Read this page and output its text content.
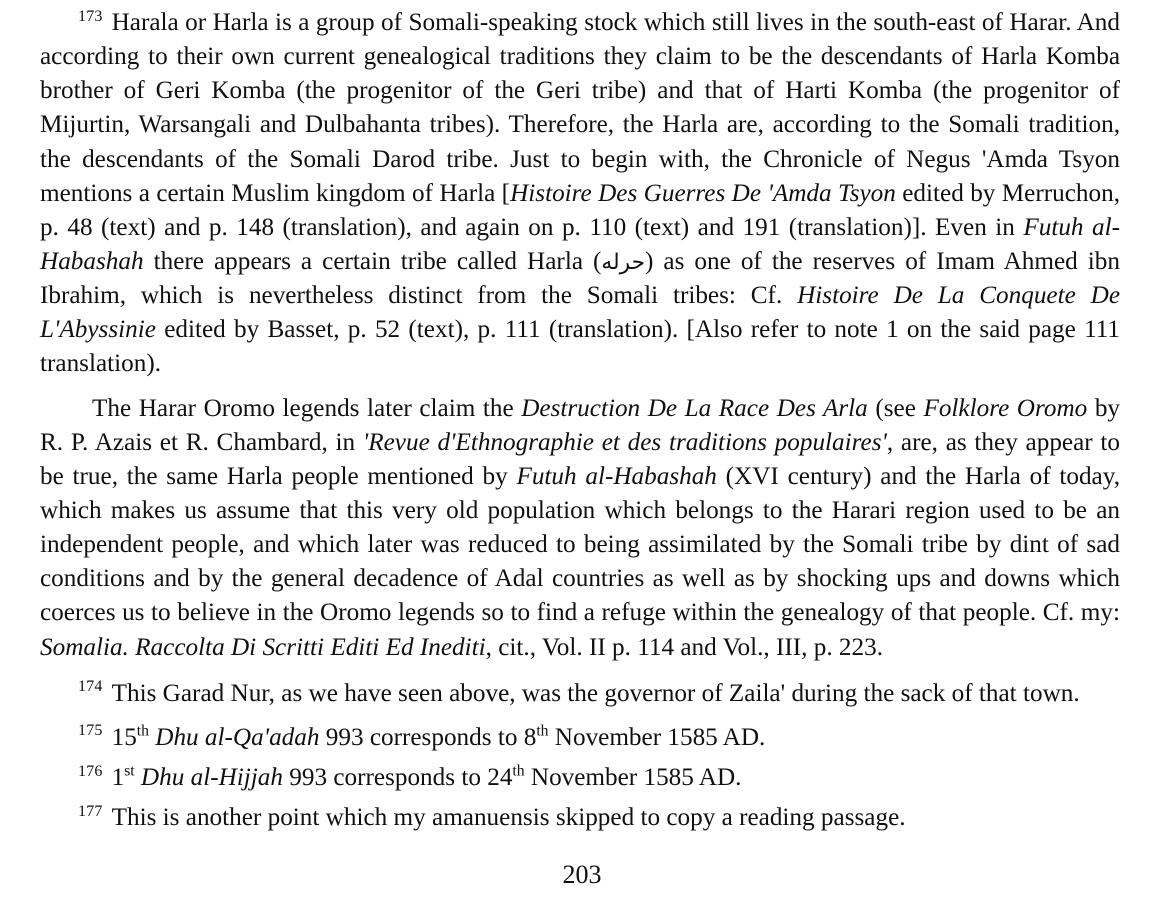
$^{173}$ Harala or Harla is a group of Somali-speaking stock which still lives in the south-east of Harar. And according to their own current genealogical traditions they claim to be the descendants of Harla Komba brother of Geri Komba (the progenitor of the Geri tribe) and that of Harti Komba (the progenitor of Mijurtin, Warsangali and Dulbahanta tribes). Therefore, the Harla are, according to the Somali tradition, the descendants of the Somali Darod tribe. Just to begin with, the Chronicle of Negus 'Amda Tsyon mentions a certain Muslim kingdom of Harla [Histoire Des Guerres De 'Amda Tsyon edited by Merruchon, p. 48 (text) and p. 148 (translation), and again on p. 110 (text) and 191 (translation)]. Even in Futuh al-Habashah there appears a certain tribe called Harla (حرله) as one of the reserves of Imam Ahmed ibn Ibrahim, which is nevertheless distinct from the Somali tribes: Cf. Histoire De La Conquete De L'Abyssinie edited by Basset, p. 52 (text), p. 111 (translation). [Also refer to note 1 on the said page 111 translation).

The Harar Oromo legends later claim the Destruction De La Race Des Arla (see Folklore Oromo by R. P. Azais et R. Chambard, in 'Revue d'Ethnographie et des traditions populaires', are, as they appear to be true, the same Harla people mentioned by Futuh al-Habashah (XVI century) and the Harla of today, which makes us assume that this very old population which belongs to the Harari region used to be an independent people, and which later was reduced to being assimilated by the Somali tribe by dint of sad conditions and by the general decadence of Adal countries as well as by shocking ups and downs which coerces us to believe in the Oromo legends so to find a refuge within the genealogy of that people. Cf. my: Somalia. Raccolta Di Scritti Editi Ed Inediti, cit., Vol. II p. 114 and Vol., III, p. 223.

$^{174}$ This Garad Nur, as we have seen above, was the governor of Zaila' during the sack of that town.

$^{175}$ 15th Dhu al-Qa'adah 993 corresponds to 8th November 1585 AD.

$^{176}$ 1st Dhu al-Hijjah 993 corresponds to 24th November 1585 AD.

$^{177}$ This is another point which my amanuensis skipped to copy a reading passage.

203
